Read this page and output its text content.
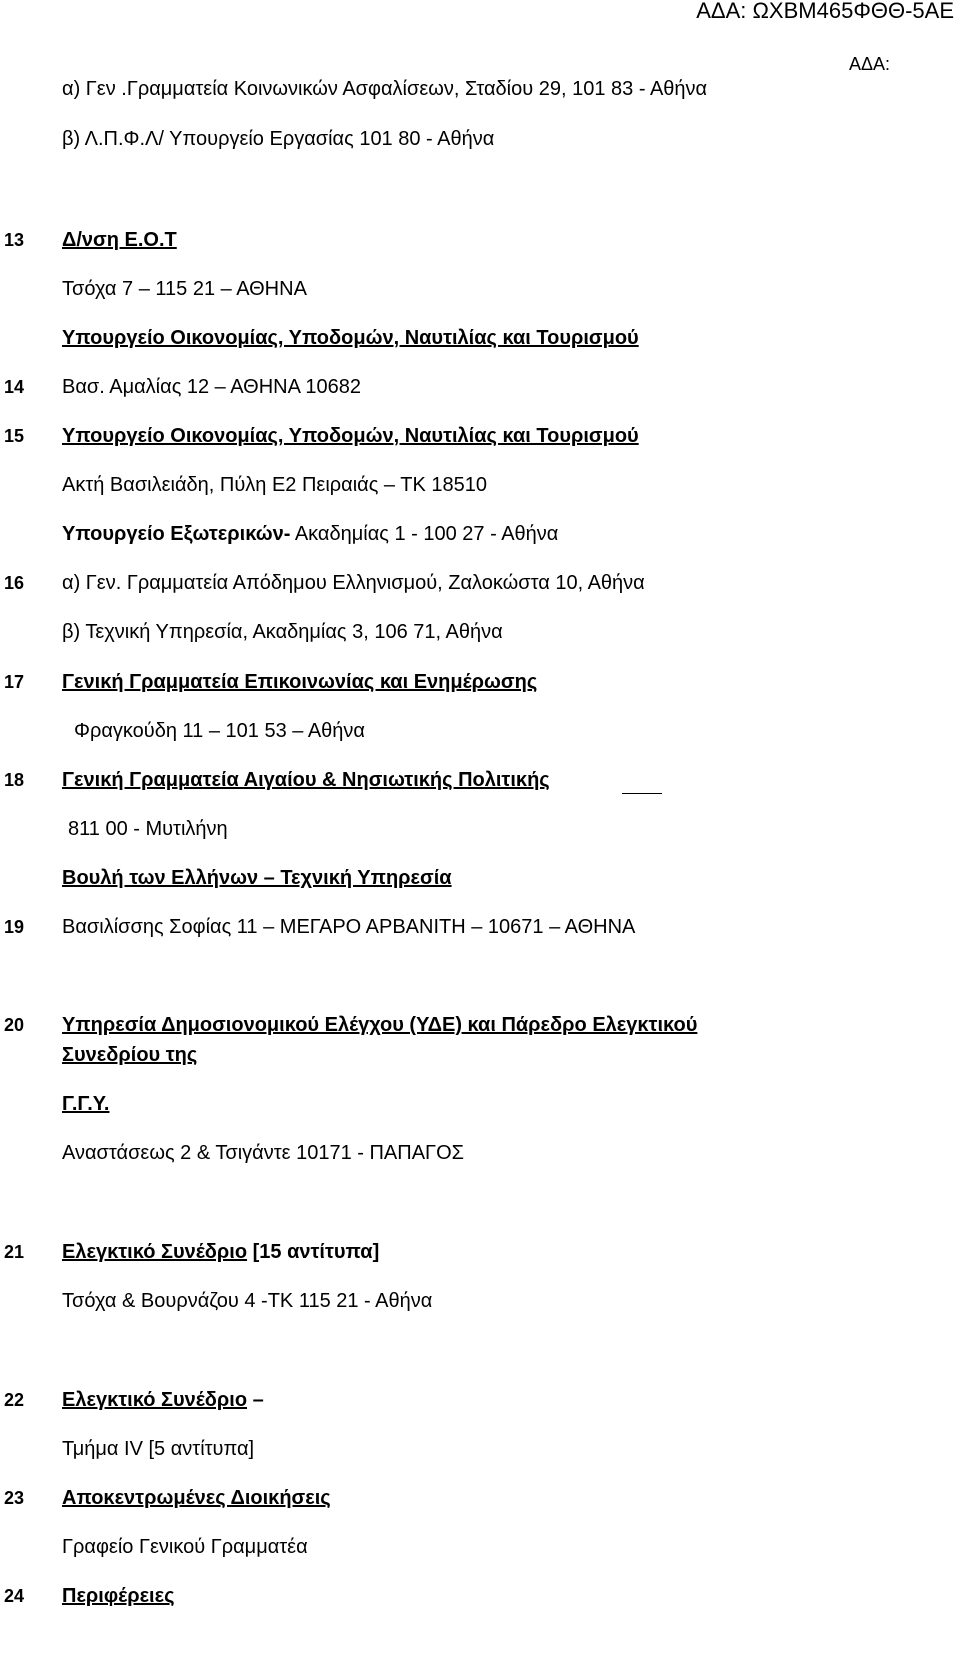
ΑΔΑ: ΩΧΒΜ465ΦΘΘ-5ΑΕ
ΑΔΑ:
α) Γεν .Γραμματεία Κοινωνικών Ασφαλίσεων, Σταδίου 29, 101 83 - Αθήνα
β) Λ.Π.Φ.Λ/ Υπουργείο Εργασίας 101 80 - Αθήνα
13 Δ/νση Ε.Ο.Τ
Τσόχα 7 – 115 21 – ΑΘΗΝΑ
Υπουργείο Οικονομίας, Υποδομών, Ναυτιλίας και Τουρισμού
14 Βασ. Αμαλίας 12 – ΑΘΗΝΑ 10682
15 Υπουργείο Οικονομίας, Υποδομών, Ναυτιλίας και Τουρισμού
Ακτή Βασιλειάδη, Πύλη Ε2 Πειραιάς – ΤΚ 18510
Υπουργείο Εξωτερικών- Ακαδημίας 1 - 100 27 - Αθήνα
16 α) Γεν. Γραμματεία Απόδημου Ελληνισμού, Ζαλοκώστα 10, Αθήνα
β) Τεχνική Υπηρεσία, Ακαδημίας 3, 106 71, Αθήνα
17 Γενική Γραμματεία Επικοινωνίας και Ενημέρωσης
Φραγκούδη 11 – 101 53 – Αθήνα
18 Γενική Γραμματεία Αιγαίου & Νησιωτικής Πολιτικής
811 00 - Μυτιλήνη
Βουλή των Ελλήνων – Τεχνική Υπηρεσία
19 Βασιλίσσης Σοφίας 11 – ΜΕΓΑΡΟ ΑΡΒΑΝΙΤΗ – 10671 – ΑΘΗΝΑ
20 Υπηρεσία Δημοσιονομικού Ελέγχου (ΥΔΕ) και Πάρεδρο Ελεγκτικού
Συνεδρίου της
Γ.Γ.Υ.
Αναστάσεως 2 & Τσιγάντε 10171 - ΠΑΠΑΓΟΣ
21 Ελεγκτικό Συνέδριο [15 αντίτυπα]
Τσόχα & Βουρνάζου 4 -ΤΚ 115 21 - Αθήνα
22 Ελεγκτικό Συνέδριο –
Τμήμα IV [5 αντίτυπα]
23 Αποκεντρωμένες Διοικήσεις
Γραφείο Γενικού Γραμματέα
24 Περιφέρειες
